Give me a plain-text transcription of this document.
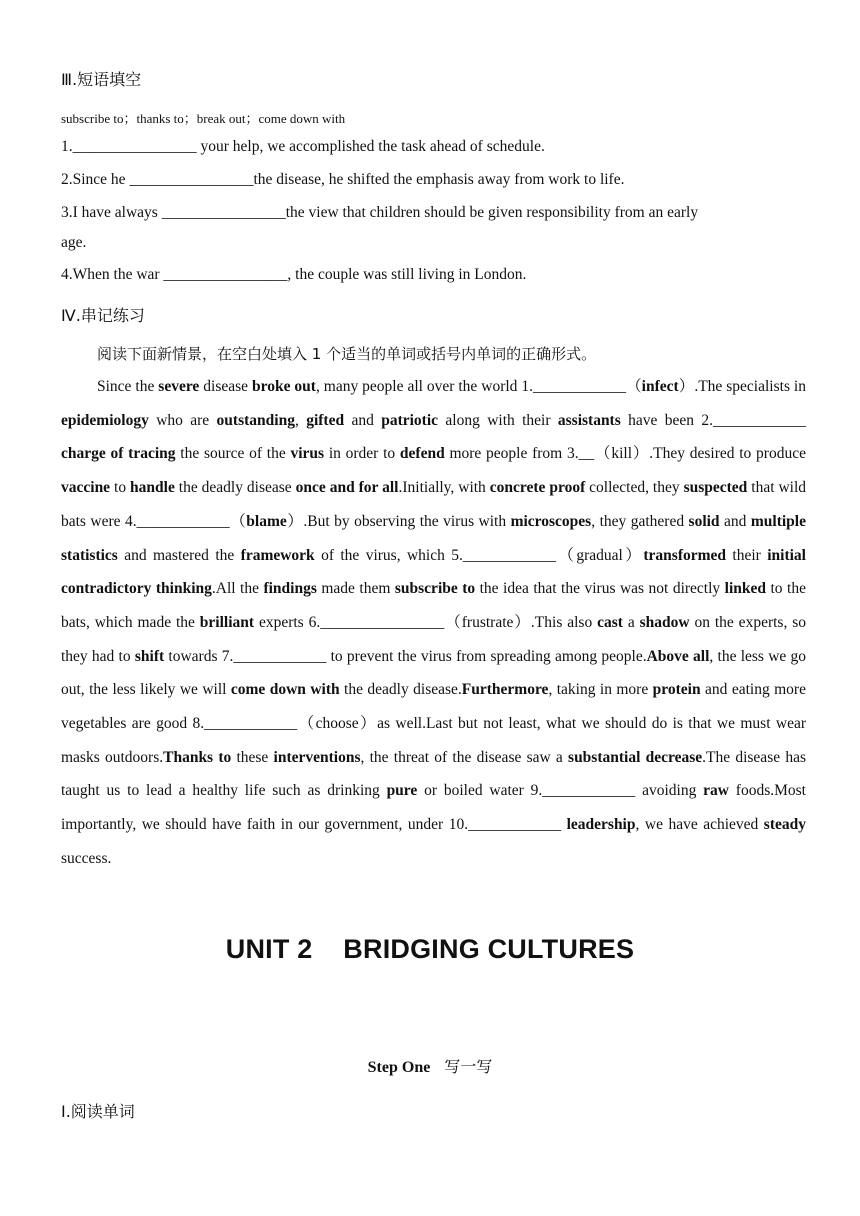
Ⅲ.短语填空
subscribe to；thanks to；break out；come down with
1.________________ your help, we accomplished the task ahead of schedule.
2.Since he ________________the disease, he shifted the emphasis away from work to life.
3.I have always ________________the view that children should be given responsibility from an early
age.
4.When the war ________________, the couple was still living in London.
Ⅳ.串记练习
阅读下面新情景，在空白处填入 1 个适当的单词或括号内单词的正确形式。
Since the severe disease broke out, many people all over the world 1.____________（infect）.The specialists in epidemiology who are outstanding, gifted and patriotic along with their assistants have been 2.____________ charge of tracing the source of the virus in order to defend more people from 3.__（kill）.They desired to produce vaccine to handle the deadly disease once and for all.Initially, with concrete proof collected, they suspected that wild bats were 4.____________（blame）.But by observing the virus with microscopes, they gathered solid and multiple statistics and mastered the framework of the virus, which 5.____________（gradual）transformed their initial contradictory thinking.All the findings made them subscribe to the idea that the virus was not directly linked to the bats, which made the brilliant experts 6.________________（frustrate）.This also cast a shadow on the experts, so they had to shift towards 7.____________ to prevent the virus from spreading among people.Above all, the less we go out, the less likely we will come down with the deadly disease.Furthermore, taking in more protein and eating more vegetables are good 8.____________（choose）as well.Last but not least, what we should do is that we must wear masks outdoors.Thanks to these interventions, the threat of the disease saw a substantial decrease.The disease has taught us to lead a healthy life such as drinking pure or boiled water 9.____________ avoiding raw foods.Most importantly, we should have faith in our government, under 10.____________ leadership, we have achieved steady success.
UNIT 2    BRIDGING CULTURES
Step One 写一写
Ⅰ.阅读单词
